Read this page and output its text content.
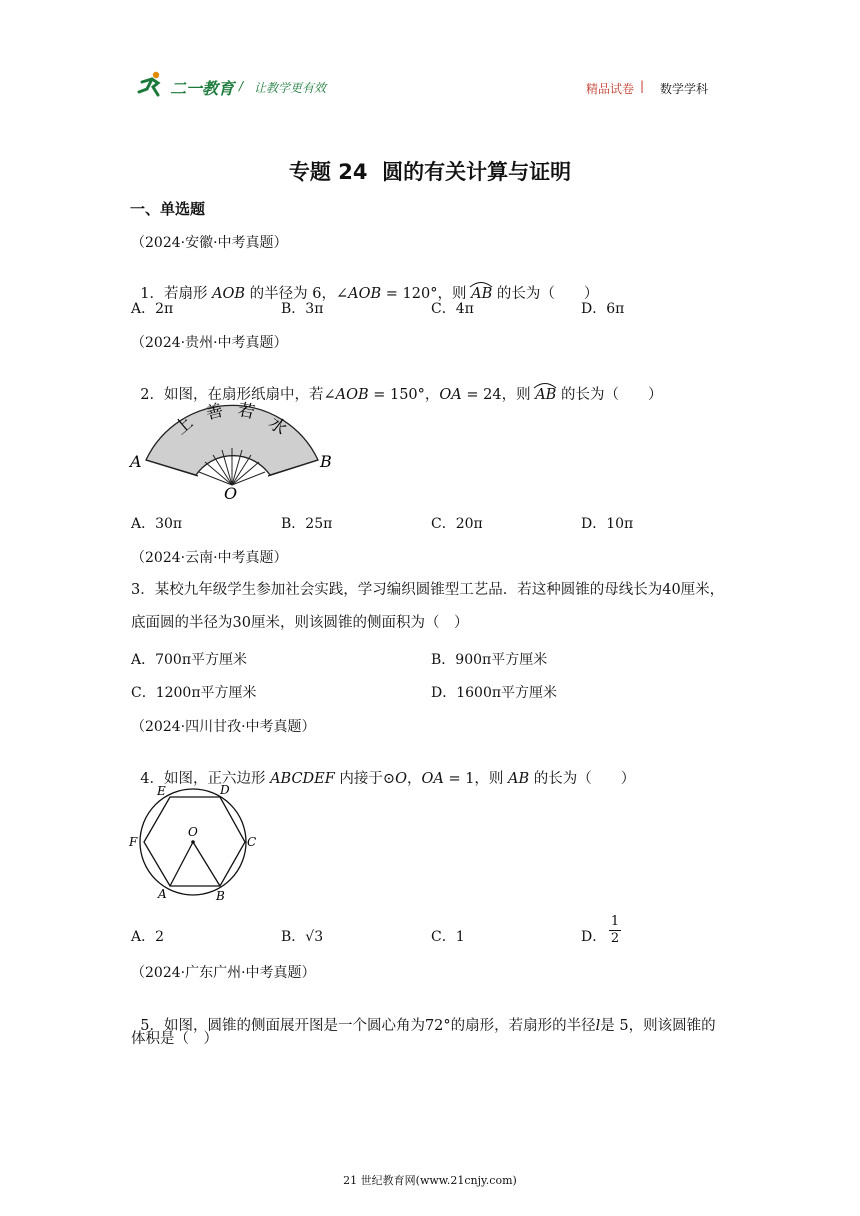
二一教育 / 让教学更有效	精品试卷 | 数学学科
专题 24  圆的有关计算与证明
一、单选题
（2024·安徽·中考真题）

1．若扇形 AOB 的半径为 6，∠AOB = 120°，则 AB
的长为（　　）

A．2π	B．3π	C．4π	D．6π
（2024·贵州·中考真题）

2．如图，在扇形纸扇中，若∠AOB = 150°，OA = 24，则 AB
的长为（　　）

上
善 若
水
A	B
O
A．30π	B．25π	C．20π	D．10π
（2024·云南·中考真题）
3．某校九年级学生参加社会实践，学习编织圆锥型工艺品．若这种圆锥的母线长为40厘米，
底面圆的半径为30厘米，则该圆锥的侧面积为（　）
A．700π平方厘米	B．900π平方厘米
C．1200π平方厘米	D．1600π平方厘米
（2024·四川甘孜·中考真题）

4．如图，正六边形 ABCDEF 内接于⊙O，OA = 1，则 AB 的长为（　　）

A	B
C
D
E
F
O
A．2	B．√3	C．1	D．
1
2
（2024·广东广州·中考真题）

5．如图，圆锥的侧面展开图是一个圆心角为72°的扇形，若扇形的半径l是 5，则该圆锥的

体积是（　）
21 世纪教育网(www.21cnjy.com)
